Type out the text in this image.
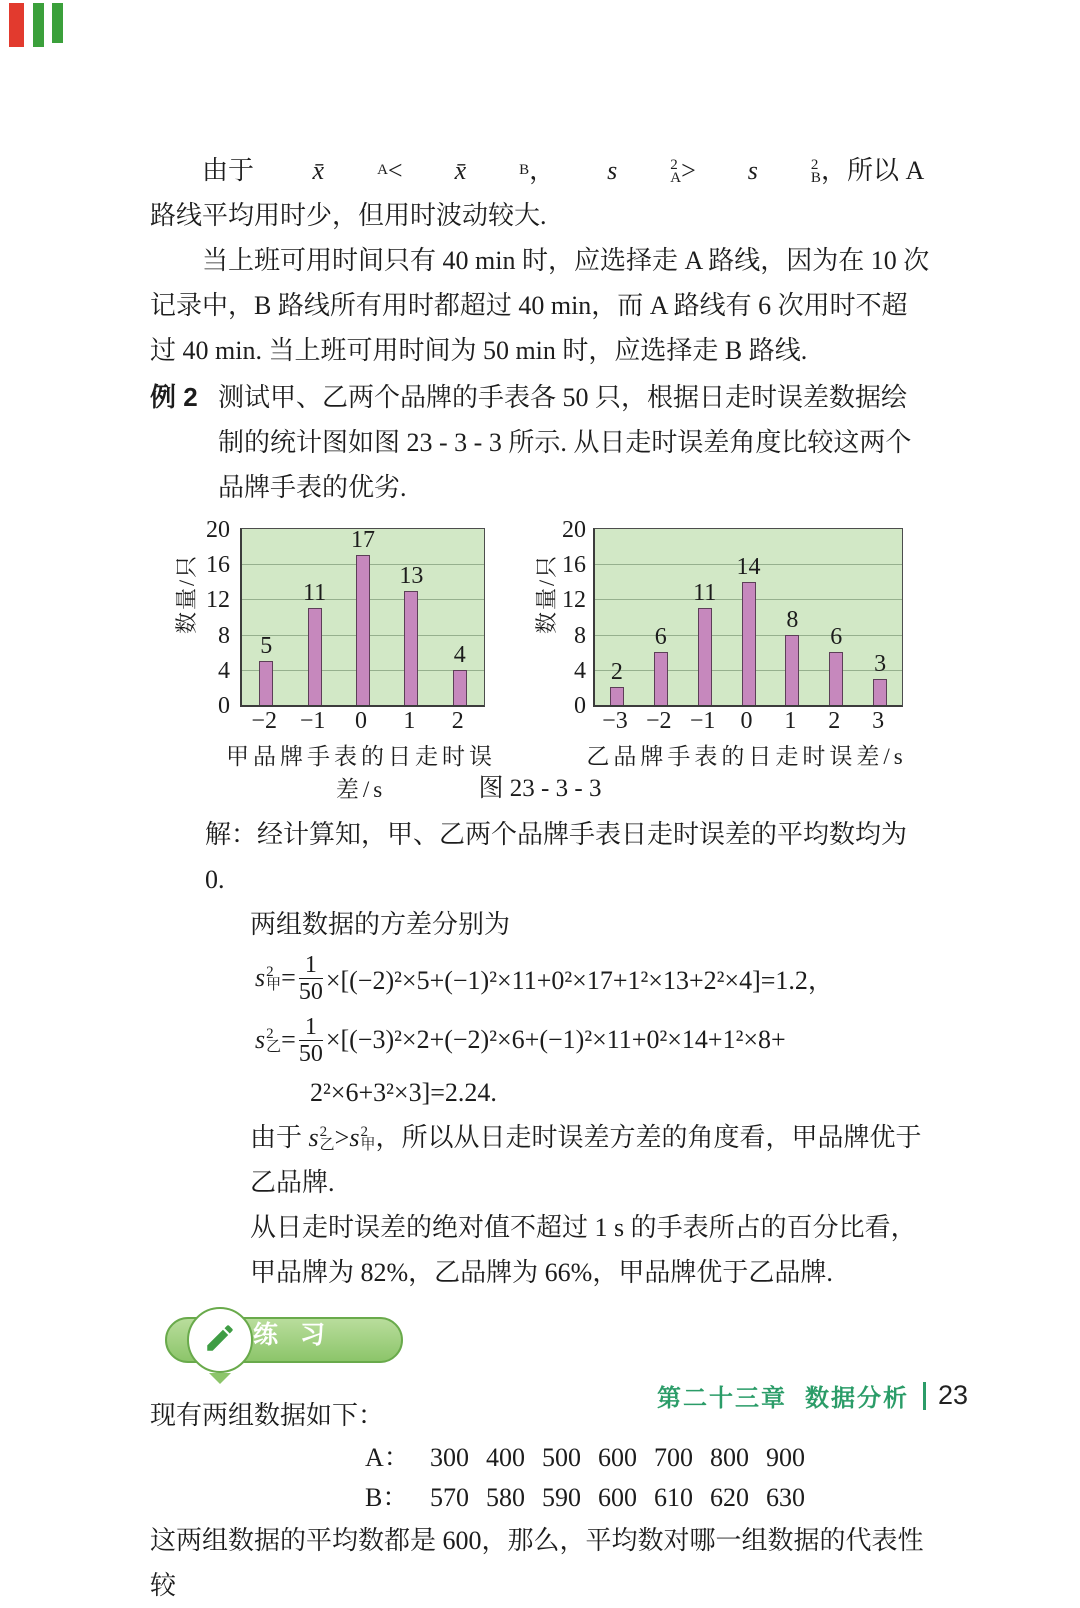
由于	x̄	A <	x̄	B ，	s	2
A >	s	2
B ，所以 A 路线平均用时少，但用时波动较大.

当上班可用时间只有 40 min 时，应选择走 A 路线，因为在 10 次记录中，B 路线所有用时都超过 40 min，而 A 路线有 6 次用时不超过 40 min. 当上班可用时间为 50 min 时，应选择走 B 路线.

例 2 测试甲、乙两个品牌的手表各 50 只，根据日走时误差数据绘制的统计图如图 23 - 3 - 3 所示. 从日走时误差角度比较这两个品牌手表的优劣.
数量/只
0
4
8
12
16
20
5
11
17
13
4
−2 −1	0	1	2
甲品牌手表的日走时误差/s
数量/只
0
4
8
12
16
20
2
6
11
14
8
6
3
−3 −2 −1	0	1	2	3
乙品牌手表的日走时误差/s
图 23 - 3 - 3

解：经计算知，甲、乙两个品牌手表日走时误差的平均数均为 0.

两组数据的方差分别为

s 2
甲 = $\frac{1}{50} \times[(-2)^2\times 5+(-1)^2\times 11+0^2\times 17+1^2\times 13+2^2\times 4]=1.2$，
s 2
乙 = $\frac{1}{50} \times[(-3)^2\times 2+(-2)^2\times 6+(-1)^2\times 11+0^2\times 14+1^2\times 8+$
2²×6+3²×3]=2.24.

由于 s 2
乙 > s 2
甲 ，所以从日走时误差方差的角度看，甲品牌优于乙品牌.

从日走时误差的绝对值不超过 1 s 的手表所占的百分比看，甲品牌为 82%，乙品牌为 66%，甲品牌优于乙品牌.

练习

现有两组数据如下：

A： 300 400 500 600 700 800 900
B： 570 580 590 600 610 620 630

这两组数据的平均数都是 600，那么，平均数对哪一组数据的代表性较

第二十三章 数据分析 23
